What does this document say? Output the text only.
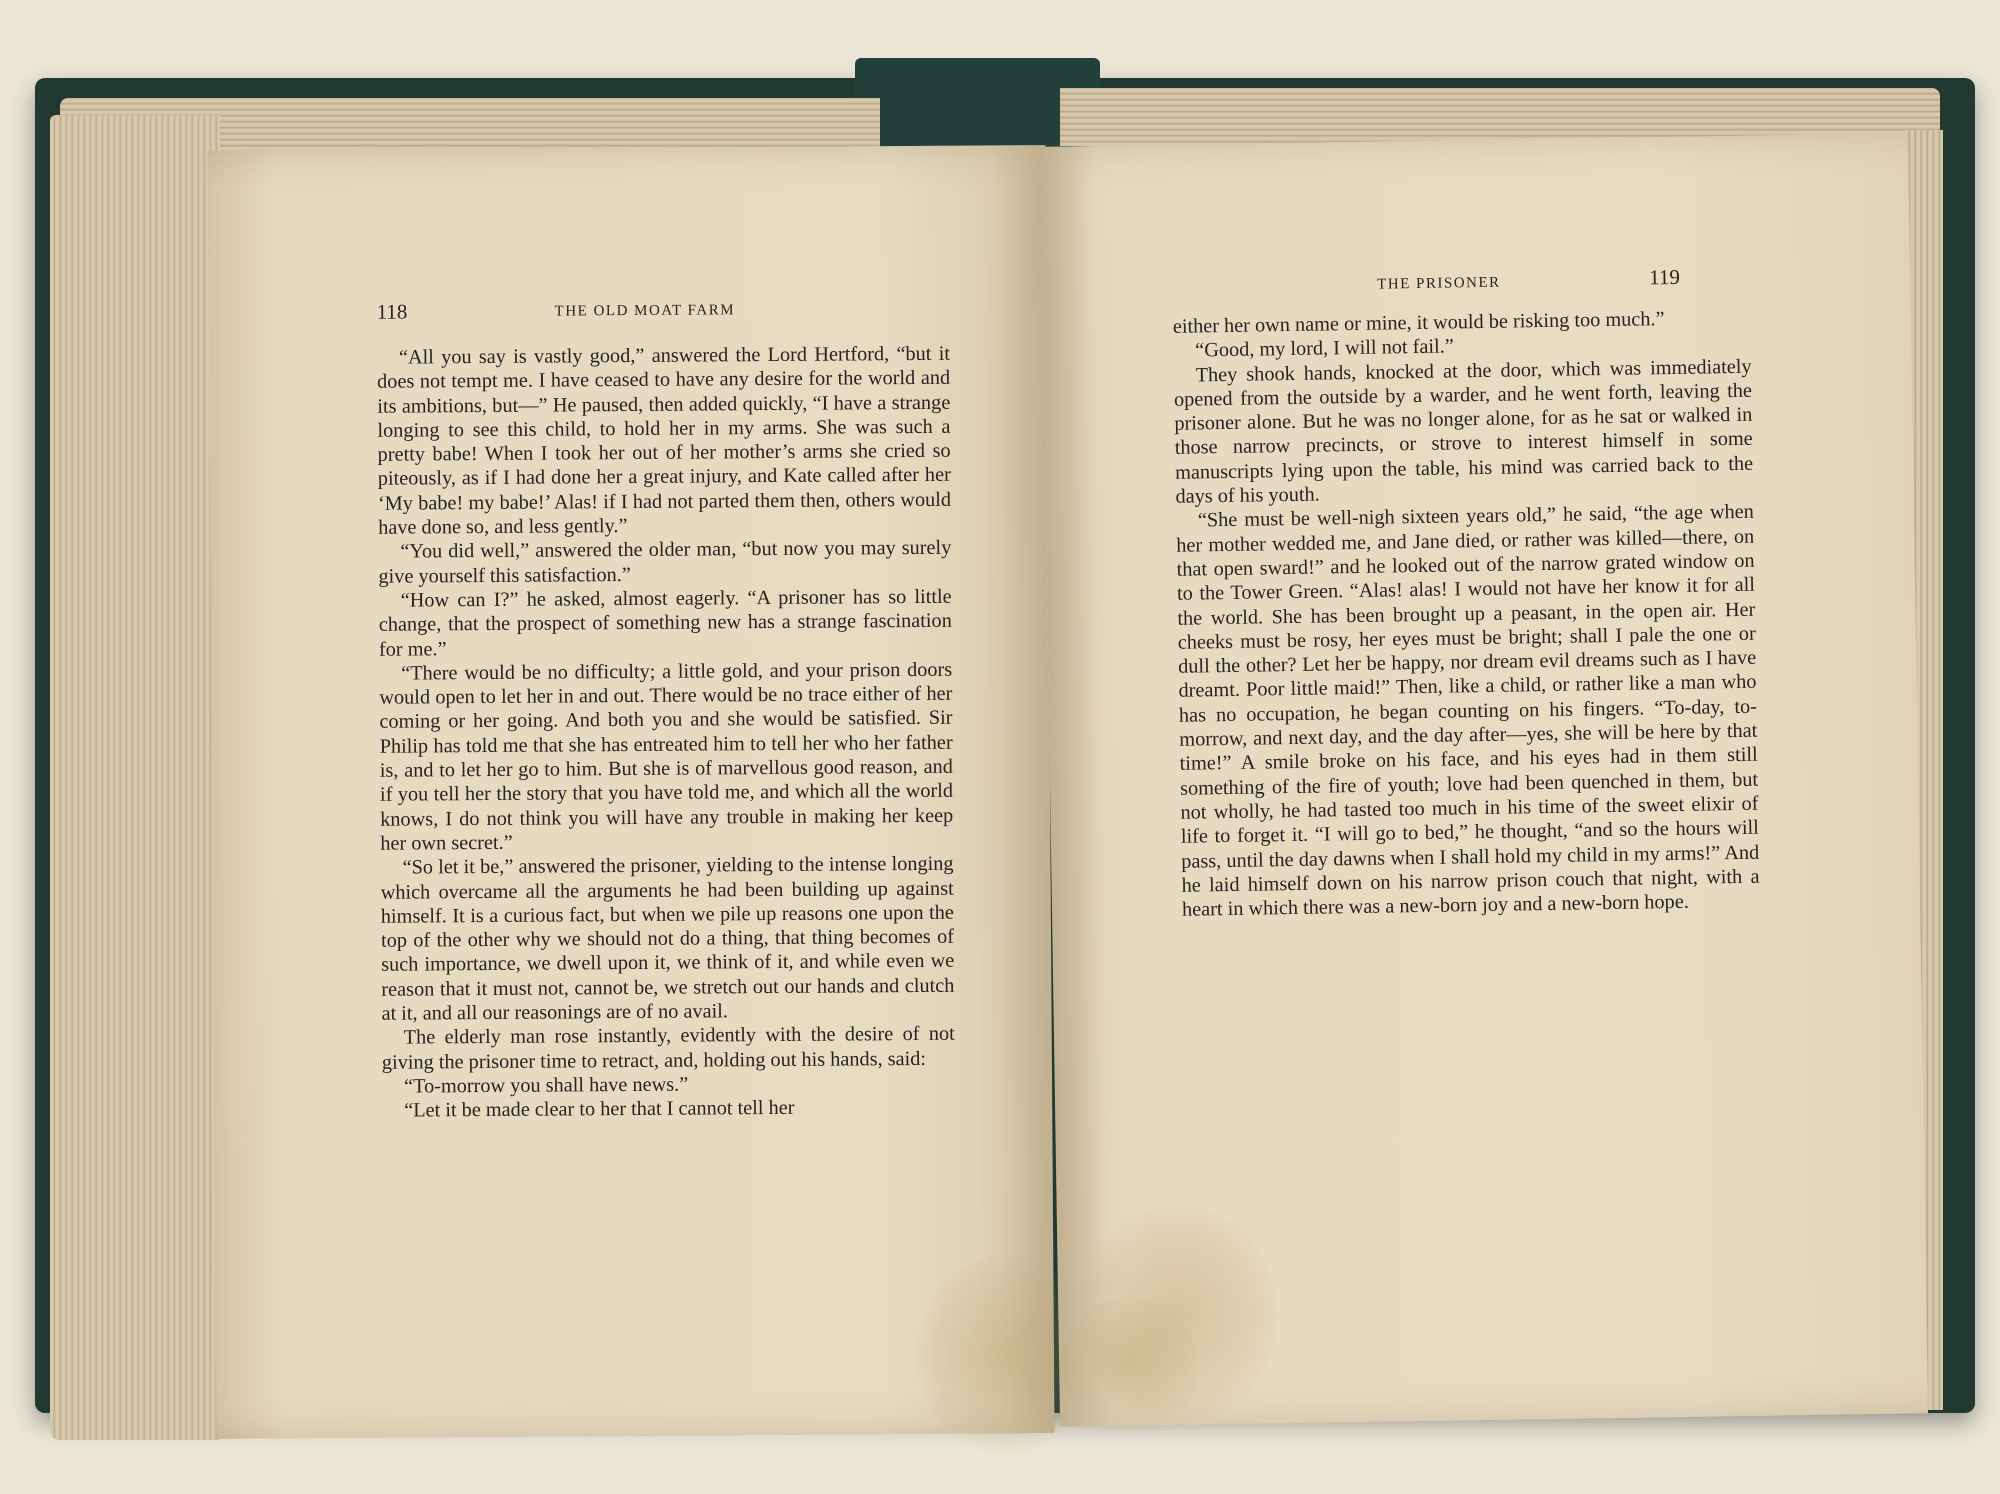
118	THE OLD MOAT FARM

“All you say is vastly good,” answered the Lord Hertford, “but it does not tempt me. I have ceased to have any desire for the world and its ambitions, but—” He paused, then added quickly, “I have a strange longing to see this child, to hold her in my arms. She was such a pretty babe! When I took her out of her mother’s arms she cried so piteously, as if I had done her a great injury, and Kate called after her ‘My babe! my babe!’ Alas! if I had not parted them then, others would have done so, and less gently.”

“You did well,” answered the older man, “but now you may surely give yourself this satisfaction.”

“How can I?” he asked, almost eagerly. “A prisoner has so little change, that the prospect of something new has a strange fascination for me.”

“There would be no difficulty; a little gold, and your prison doors would open to let her in and out. There would be no trace either of her coming or her going. And both you and she would be satisfied. Sir Philip has told me that she has entreated him to tell her who her father is, and to let her go to him. But she is of marvellous good reason, and if you tell her the story that you have told me, and which all the world knows, I do not think you will have any trouble in making her keep her own secret.”

“So let it be,” answered the prisoner, yielding to the intense longing which overcame all the arguments he had been building up against himself. It is a curious fact, but when we pile up reasons one upon the top of the other why we should not do a thing, that thing becomes of such importance, we dwell upon it, we think of it, and while even we reason that it must not, cannot be, we stretch out our hands and clutch at it, and all our reasonings are of no avail.

The elderly man rose instantly, evidently with the desire of not giving the prisoner time to retract, and, holding out his hands, said:

“To-morrow you shall have news.”

“Let it be made clear to her that I cannot tell her

THE PRISONER	119

either her own name or mine, it would be risking too much.”

“Good, my lord, I will not fail.”

They shook hands, knocked at the door, which was immediately opened from the outside by a warder, and he went forth, leaving the prisoner alone. But he was no longer alone, for as he sat or walked in those narrow precincts, or strove to interest himself in some manuscripts lying upon the table, his mind was carried back to the days of his youth.

“She must be well-nigh sixteen years old,” he said, “the age when her mother wedded me, and Jane died, or rather was killed—there, on that open sward!” and he looked out of the narrow grated window on to the Tower Green. “Alas! alas! I would not have her know it for all the world. She has been brought up a peasant, in the open air. Her cheeks must be rosy, her eyes must be bright; shall I pale the one or dull the other? Let her be happy, nor dream evil dreams such as I have dreamt. Poor little maid!” Then, like a child, or rather like a man who has no occupation, he began counting on his fingers. “To-day, to-morrow, and next day, and the day after—yes, she will be here by that time!” A smile broke on his face, and his eyes had in them still something of the fire of youth; love had been quenched in them, but not wholly, he had tasted too much in his time of the sweet elixir of life to forget it. “I will go to bed,” he thought, “and so the hours will pass, until the day dawns when I shall hold my child in my arms!” And he laid himself down on his narrow prison couch that night, with a heart in which there was a new-born joy and a new-born hope.
